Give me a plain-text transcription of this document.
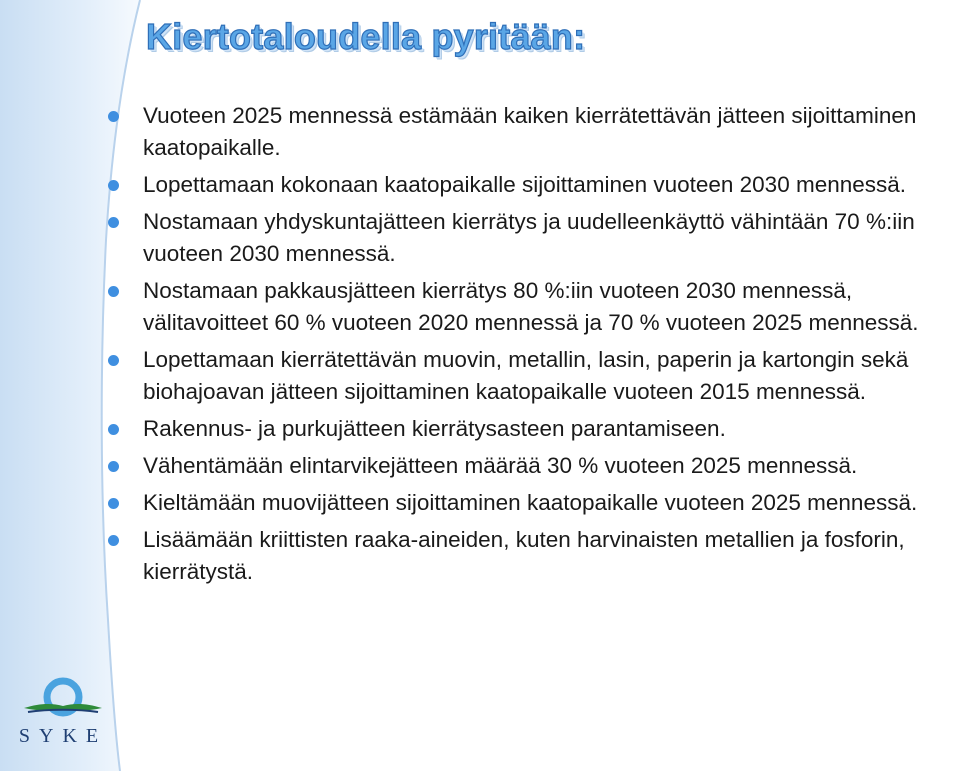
Kiertotaloudella pyritään:
Vuoteen 2025 mennessä estämään kaiken kierrätettävän jätteen sijoittaminen kaatopaikalle.
Lopettamaan kokonaan kaatopaikalle sijoittaminen vuoteen 2030 mennessä.
Nostamaan yhdyskuntajätteen kierrätys ja uudelleenkäyttö vähintään 70 %:iin vuoteen 2030 mennessä.
Nostamaan pakkausjätteen kierrätys 80 %:iin vuoteen 2030 mennessä, välitavoitteet 60 % vuoteen 2020 mennessä ja 70 % vuoteen 2025 mennessä.
Lopettamaan kierrätettävän muovin, metallin, lasin, paperin ja kartongin sekä biohajoavan jätteen sijoittaminen kaatopaikalle vuoteen 2015 mennessä.
Rakennus- ja purkujätteen kierrätysasteen parantamiseen.
Vähentämään elintarvikejätteen määrää 30 % vuoteen 2025 mennessä.
Kieltämään muovijätteen sijoittaminen kaatopaikalle vuoteen 2025 mennessä.
Lisäämään kriittisten raaka-aineiden, kuten harvinaisten metallien ja fosforin, kierrätystä.
SYKE
